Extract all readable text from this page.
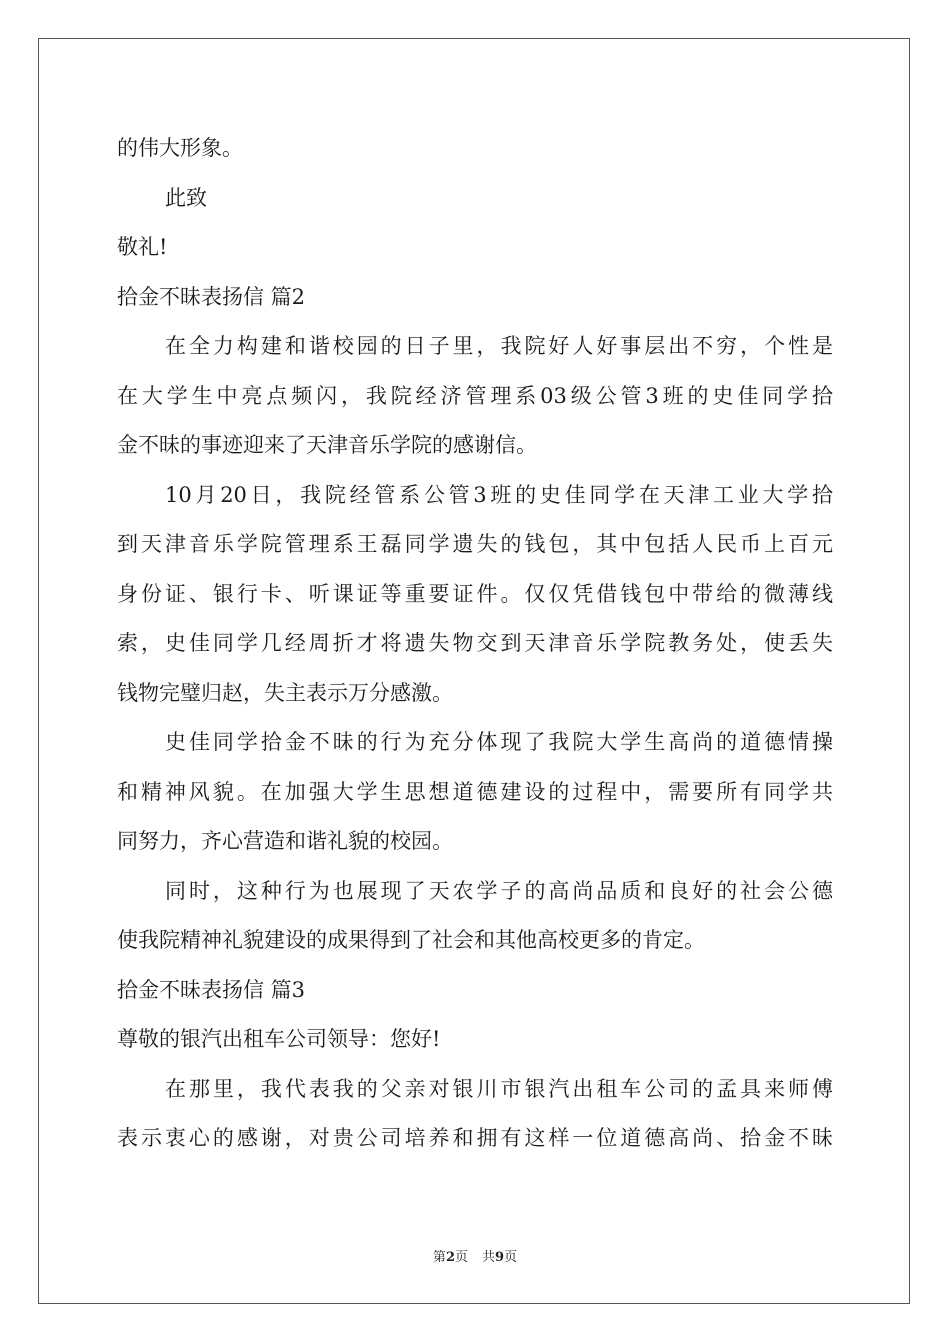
的伟大形象。
此致
敬礼!
拾金不昧表扬信 篇2
在全力构建和谐校园的日子里，我院好人好事层出不穷，个性是
在大学生中亮点频闪，我院经济管理系03级公管3班的史佳同学拾
金不昧的事迹迎来了天津音乐学院的感谢信。
10月20日，我院经管系公管3班的史佳同学在天津工业大学拾
到天津音乐学院管理系王磊同学遗失的钱包，其中包括人民币上百元
身份证、银行卡、听课证等重要证件。仅仅凭借钱包中带给的微薄线
索，史佳同学几经周折才将遗失物交到天津音乐学院教务处，使丢失
钱物完璧归赵，失主表示万分感激。
史佳同学拾金不昧的行为充分体现了我院大学生高尚的道德情操
和精神风貌。在加强大学生思想道德建设的过程中，需要所有同学共
同努力，齐心营造和谐礼貌的校园。
同时，这种行为也展现了天农学子的高尚品质和良好的社会公德
使我院精神礼貌建设的成果得到了社会和其他高校更多的肯定。
拾金不昧表扬信 篇3
尊敬的银汽出租车公司领导：您好!
在那里，我代表我的父亲对银川市银汽出租车公司的孟具来师傅
表示衷心的感谢，对贵公司培养和拥有这样一位道德高尚、拾金不昧
第2页 共9页
